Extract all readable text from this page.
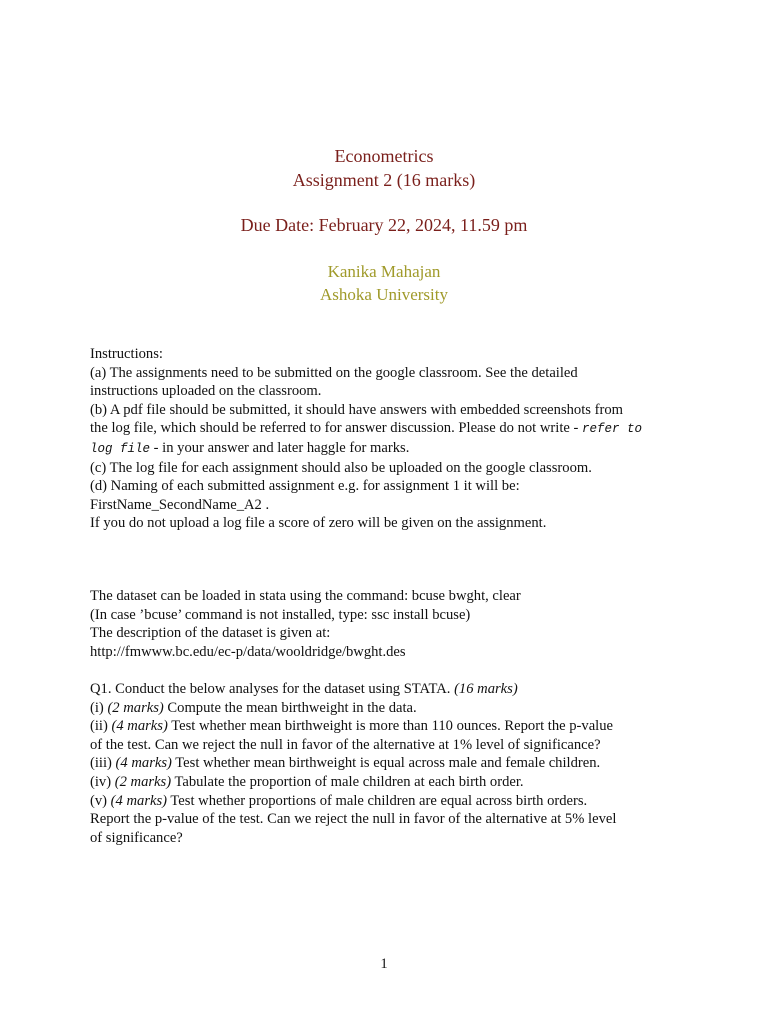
Econometrics
Assignment 2 (16 marks)
Due Date: February 22, 2024, 11.59 pm
Kanika Mahajan
Ashoka University
Instructions:
(a) The assignments need to be submitted on the google classroom. See the detailed
instructions uploaded on the classroom.
(b) A pdf file should be submitted, it should have answers with embedded screenshots from
the log file, which should be referred to for answer discussion. Please do not write - refer to
log file - in your answer and later haggle for marks.
(c) The log file for each assignment should also be uploaded on the google classroom.
(d) Naming of each submitted assignment e.g. for assignment 1 it will be:
FirstName_SecondName_A2 .
If you do not upload a log file a score of zero will be given on the assignment.
The dataset can be loaded in stata using the command: bcuse bwght, clear
(In case ’bcuse’ command is not installed, type: ssc install bcuse)
The description of the dataset is given at:
http://fmwww.bc.edu/ec-p/data/wooldridge/bwght.des
Q1. Conduct the below analyses for the dataset using STATA. (16 marks)
(i) (2 marks) Compute the mean birthweight in the data.
(ii) (4 marks) Test whether mean birthweight is more than 110 ounces. Report the p-value
of the test. Can we reject the null in favor of the alternative at 1% level of significance?
(iii) (4 marks) Test whether mean birthweight is equal across male and female children.
(iv) (2 marks) Tabulate the proportion of male children at each birth order.
(v) (4 marks) Test whether proportions of male children are equal across birth orders.
Report the p-value of the test. Can we reject the null in favor of the alternative at 5% level
of significance?
1
